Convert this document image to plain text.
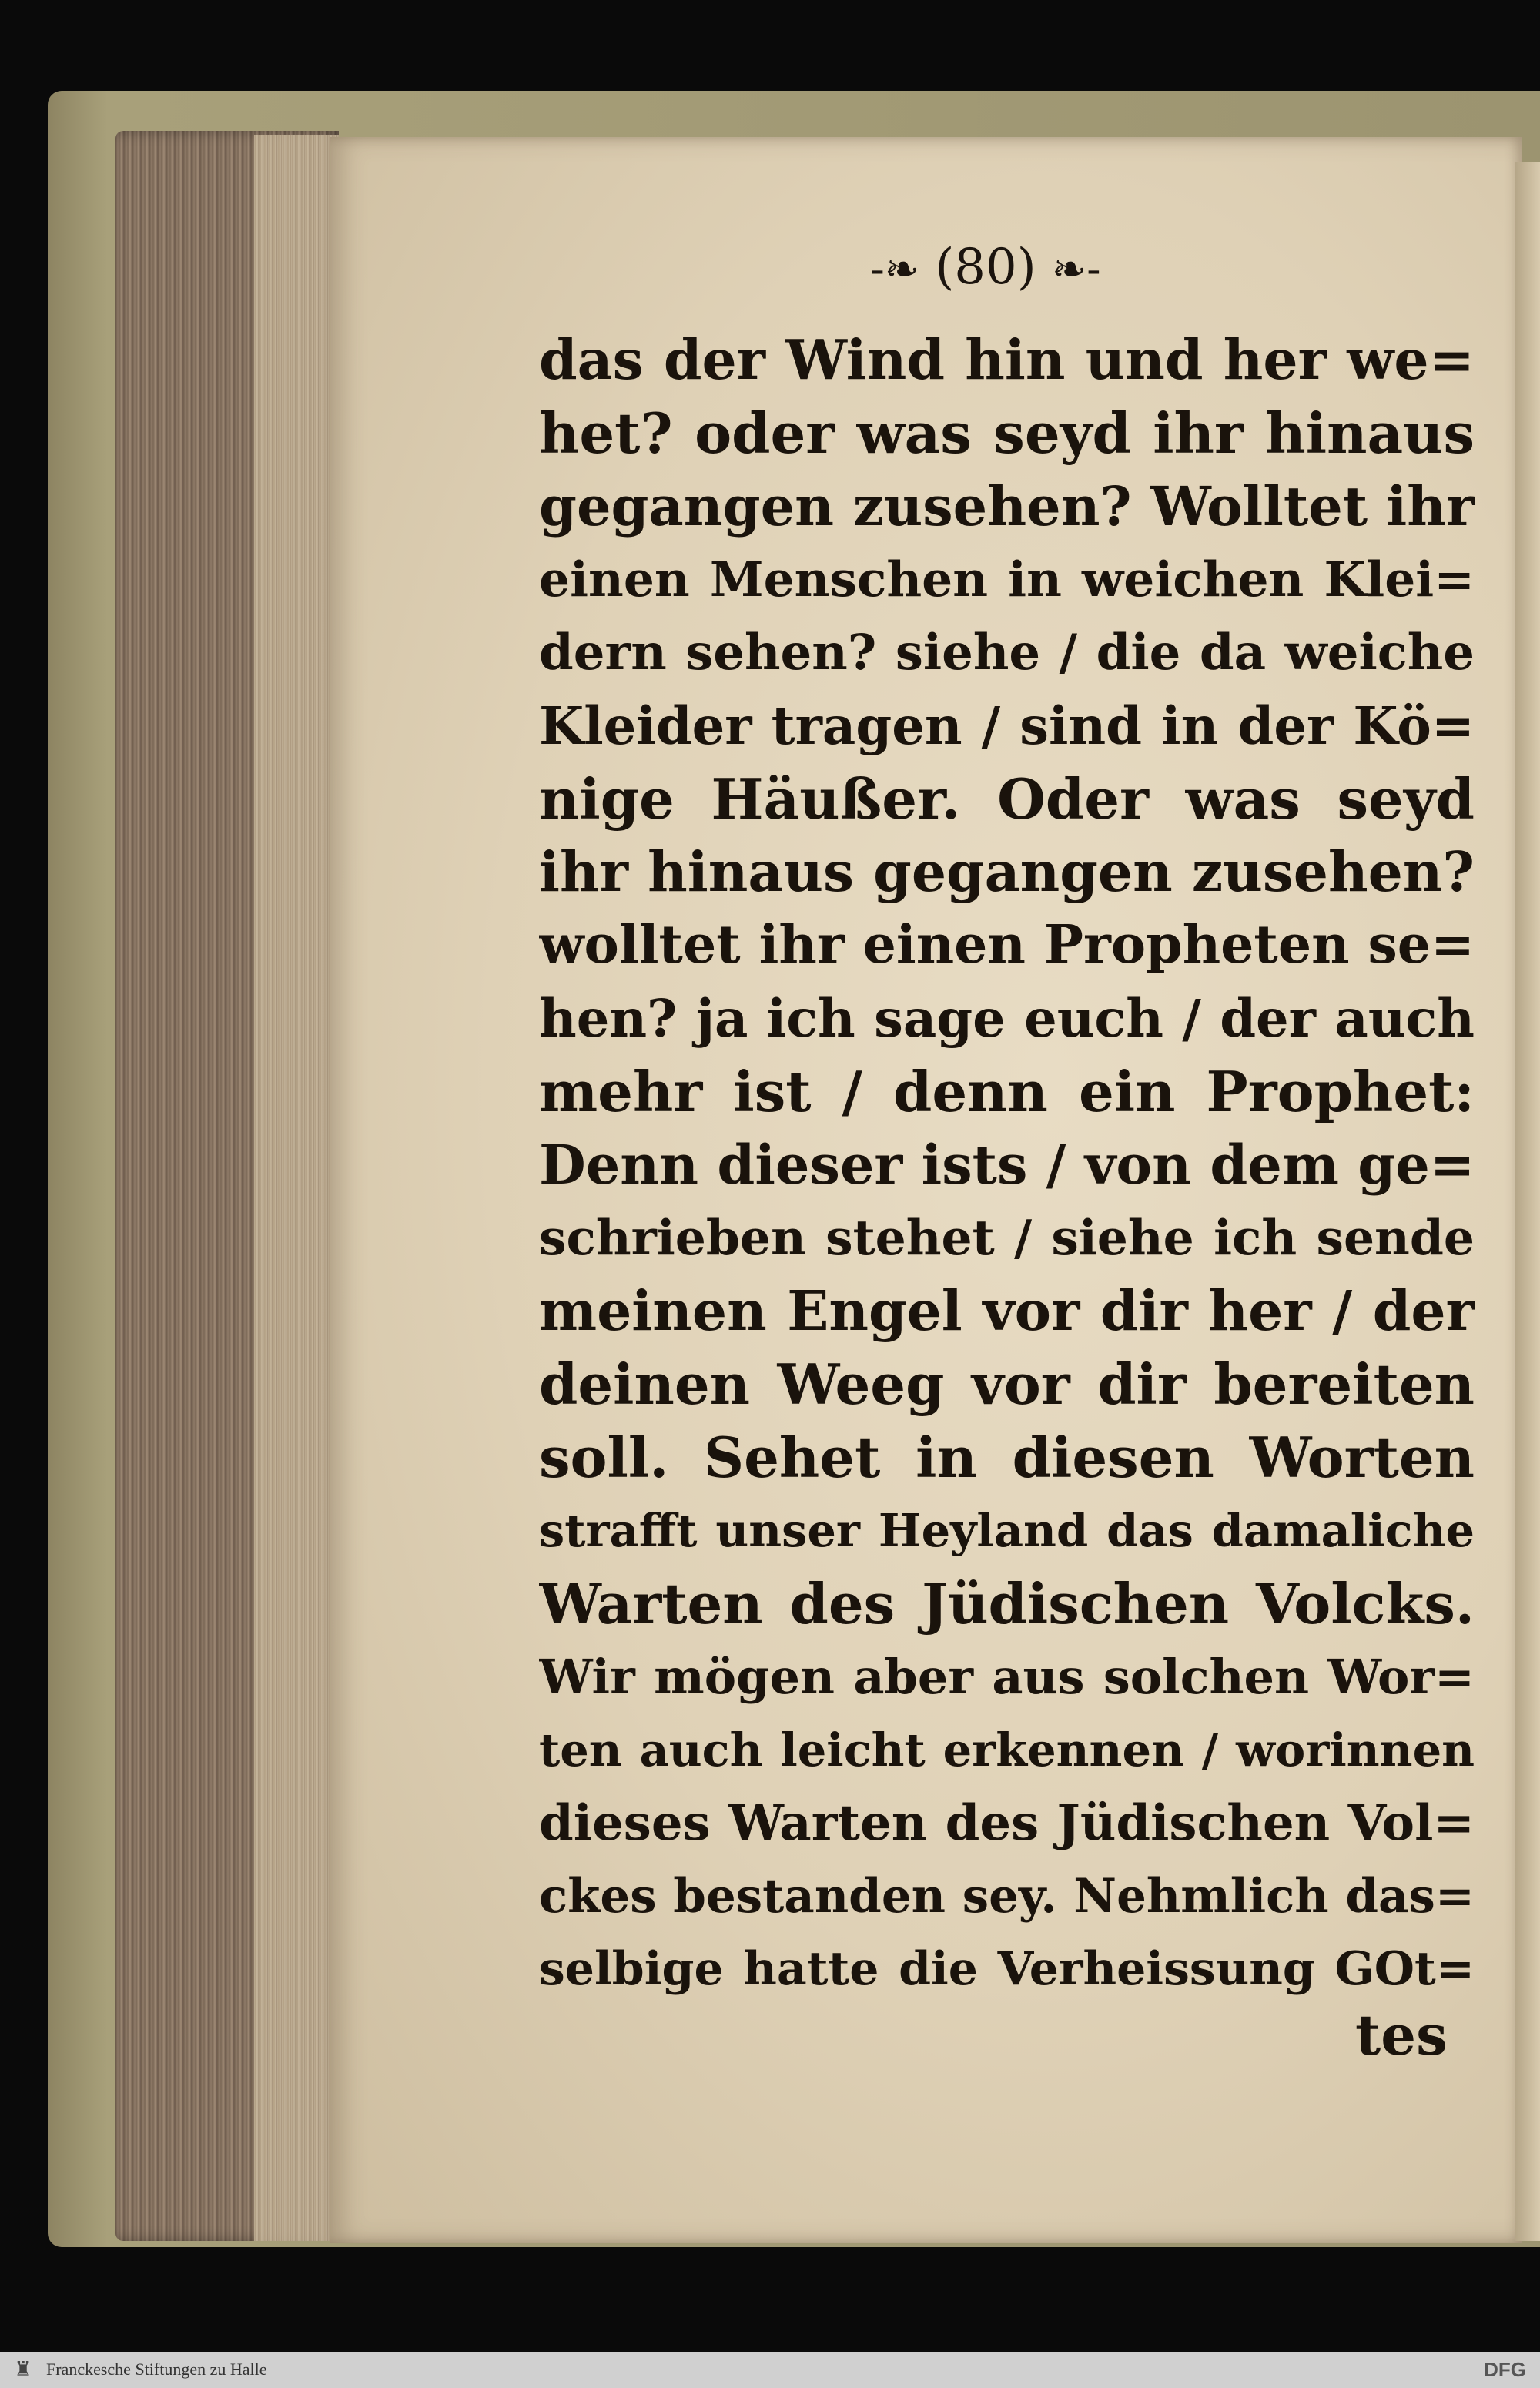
-❧ (80) ❧-
das der Wind hin und her we=
het? oder was seyd ihr hinaus
gegangen zusehen? Wolltet ihr
einen Menschen in weichen Klei=
dern sehen? siehe / die da weiche
Kleider tragen / sind in der Kö=
nige Häußer. Oder was seyd
ihr hinaus gegangen zusehen?
wolltet ihr einen Propheten se=
hen? ja ich sage euch / der auch
mehr ist / denn ein Prophet:
Denn dieser ists / von dem ge=
schrieben stehet / siehe ich sende
meinen Engel vor dir her / der
deinen Weeg vor dir bereiten
soll. Sehet in diesen Worten
strafft unser Heyland das damaliche
Warten des Jüdischen Volcks.
Wir mögen aber aus solchen Wor=
ten auch leicht erkennen / worinnen
dieses Warten des Jüdischen Vol=
ckes bestanden sey. Nehmlich das=
selbige hatte die Verheissung GOt=
tes
♜ Franckesche Stiftungen zu Halle	DFG
